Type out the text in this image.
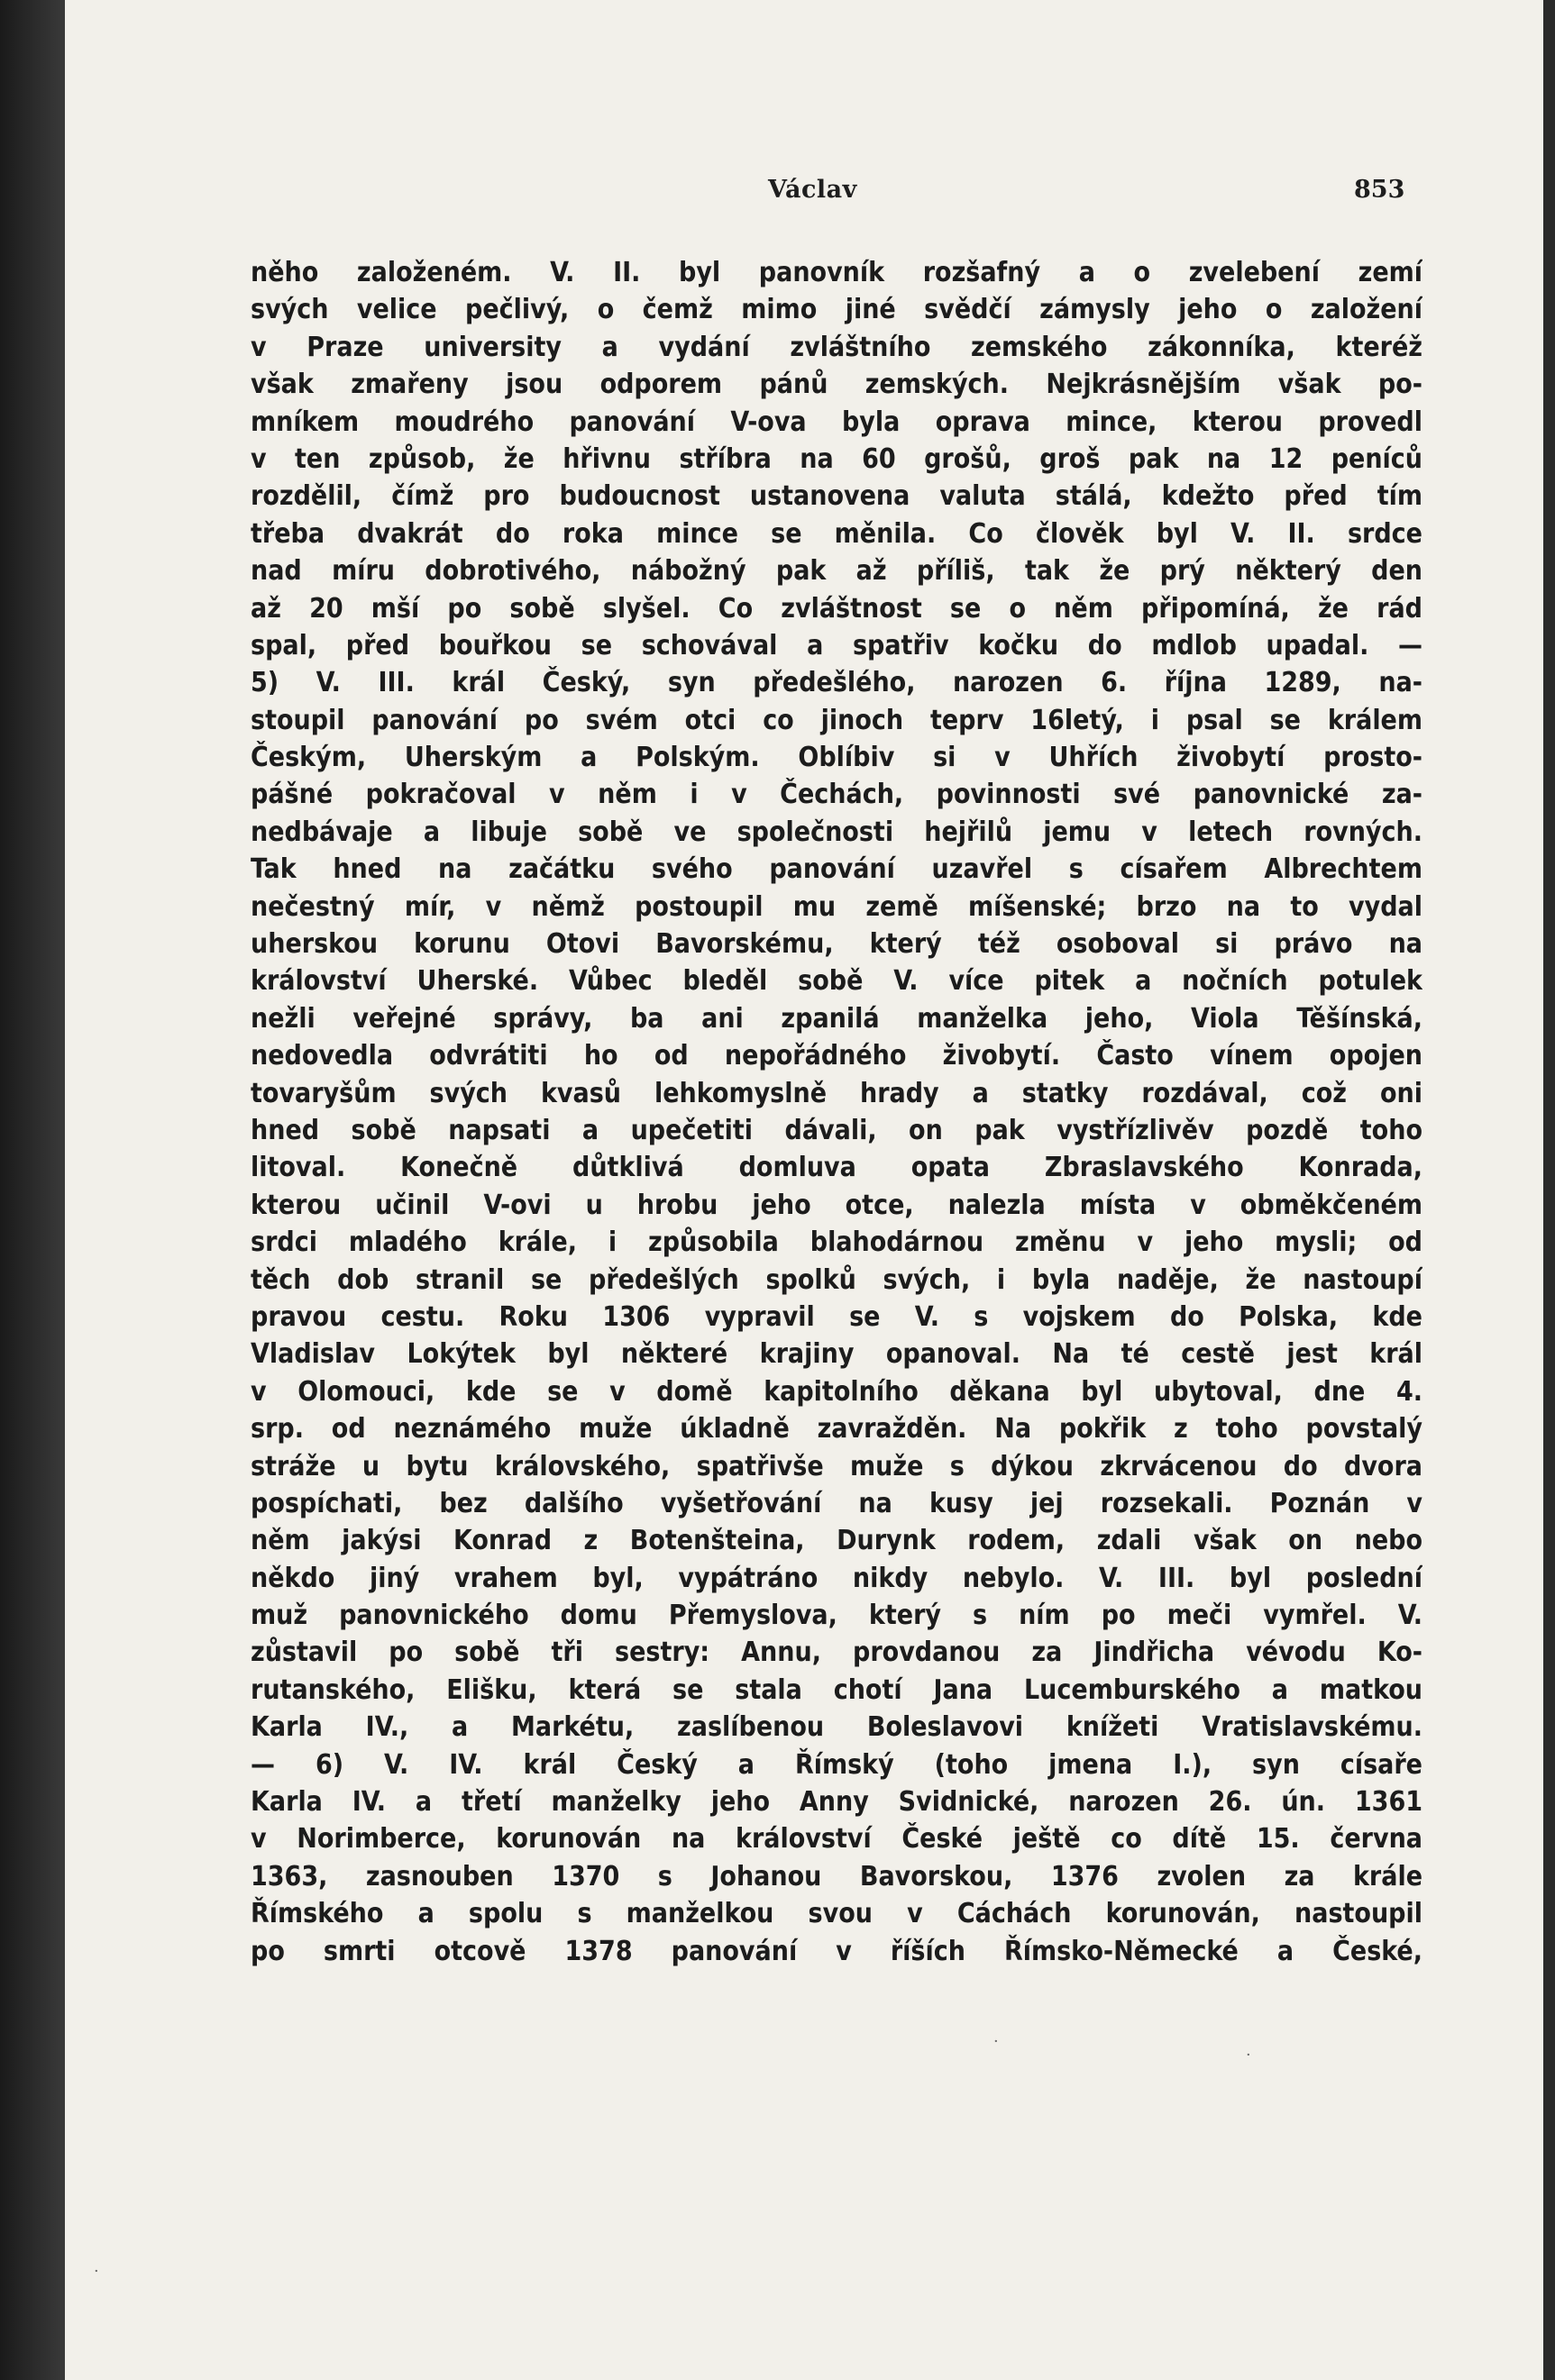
Václav	853
něho založeném. V. II. byl panovník rozšafný a o zvelebení zemí
svých velice pečlivý, o čemž mimo jiné svědčí zámysly jeho o založení
v Praze university a vydání zvláštního zemského zákonníka, kteréž
však zmařeny jsou odporem pánů zemských. Nejkrásnějším však po-
mníkem moudrého panování V-ova byla oprava mince, kterou provedl
v ten způsob, že hřivnu stříbra na 60 grošů, groš pak na 12 peníců
rozdělil, čímž pro budoucnost ustanovena valuta stálá, kdežto před tím
třeba dvakrát do roka mince se měnila. Co člověk byl V. II. srdce
nad míru dobrotivého, nábožný pak až příliš, tak že prý některý den
až 20 mší po sobě slyšel. Co zvláštnost se o něm připomíná, že rád
spal, před bouřkou se schovával a spatřiv kočku do mdlob upadal. —
5) V. III. král Český, syn předešlého, narozen 6. října 1289, na-
stoupil panování po svém otci co jinoch teprv 16letý, i psal se králem
Českým, Uherským a Polským. Oblíbiv si v Uhřích živobytí prosto-
pášné pokračoval v něm i v Čechách, povinnosti své panovnické za-
nedbávaje a libuje sobě ve společnosti hejřilů jemu v letech rovných.
Tak hned na začátku svého panování uzavřel s císařem Albrechtem
nečestný mír, v němž postoupil mu země míšenské; brzo na to vydal
uherskou korunu Otovi Bavorskému, který též osoboval si právo na
království Uherské. Vůbec bleděl sobě V. více pitek a nočních potulek
nežli veřejné správy, ba ani zpanilá manželka jeho, Viola Těšínská,
nedovedla odvrátiti ho od nepořádného živobytí. Často vínem opojen
tovaryšům svých kvasů lehkomyslně hrady a statky rozdával, což oni
hned sobě napsati a upečetiti dávali, on pak vystřízlivěv pozdě toho
litoval. Konečně důtklivá domluva opata Zbraslavského Konrada,
kterou učinil V-ovi u hrobu jeho otce, nalezla místa v obměkčeném
srdci mladého krále, i způsobila blahodárnou změnu v jeho mysli; od
těch dob stranil se předešlých spolků svých, i byla naděje, že nastoupí
pravou cestu. Roku 1306 vypravil se V. s vojskem do Polska, kde
Vladislav Lokýtek byl některé krajiny opanoval. Na té cestě jest král
v Olomouci, kde se v domě kapitolního děkana byl ubytoval, dne 4.
srp. od neznámého muže úkladně zavražděn. Na pokřik z toho povstalý
stráže u bytu královského, spatřivše muže s dýkou zkrvácenou do dvora
pospíchati, bez dalšího vyšetřování na kusy jej rozsekali. Poznán v
něm jakýsi Konrad z Botenšteina, Durynk rodem, zdali však on nebo
někdo jiný vrahem byl, vypátráno nikdy nebylo. V. III. byl poslední
muž panovnického domu Přemyslova, který s ním po meči vymřel. V.
zůstavil po sobě tři sestry: Annu, provdanou za Jindřicha vévodu Ko-
rutanského, Elišku, která se stala chotí Jana Lucemburského a matkou
Karla IV., a Markétu, zaslíbenou Boleslavovi knížeti Vratislavskému.
— 6) V. IV. král Český a Římský (toho jmena I.), syn císaře
Karla IV. a třetí manželky jeho Anny Svidnické, narozen 26. ún. 1361
v Norimberce, korunován na království České ještě co dítě 15. června
1363, zasnouben 1370 s Johanou Bavorskou, 1376 zvolen za krále
Římského a spolu s manželkou svou v Cáchách korunován, nastoupil
po smrti otcově 1378 panování v říších Římsko-Německé a České,
·
·
·
